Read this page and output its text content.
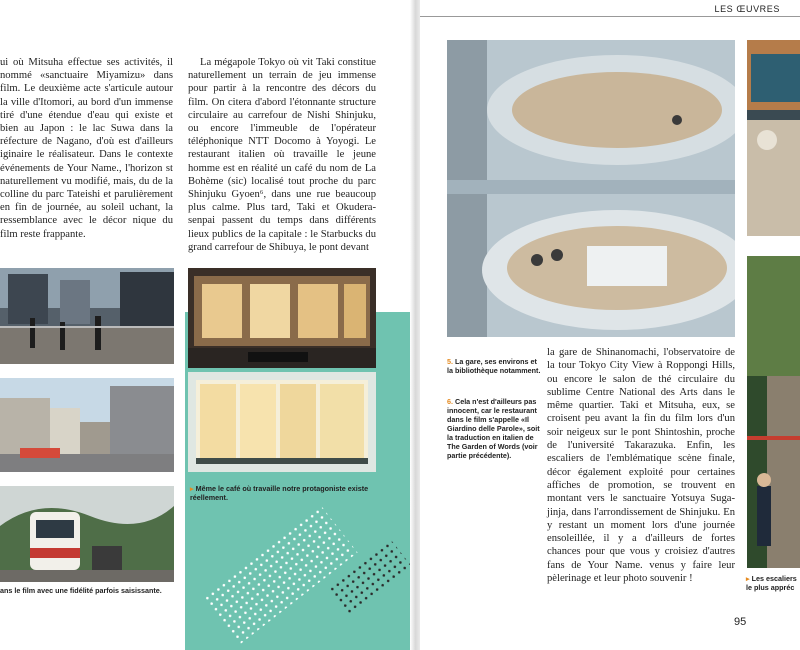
ui où Mitsuha effectue ses activités, il nommé «sanctuaire Miyamizu» dans film. Le deuxième acte s'articule autour la ville d'Itomori, au bord d'un immense tiré d'une étendue d'eau qui existe et bien au Japon : le lac Suwa dans la réfecture de Nagano, d'où est d'ailleurs iginaire le réalisateur. Dans le contexte événements de Your Name., l'horizon st naturellement vu modifié, mais, du de la colline du parc Tateishi et parulièrement en fin de journée, au soleil uchant, la ressemblance avec le décor nique du film reste frappante.

La mégapole Tokyo où vit Taki constitue naturellement un terrain de jeu immense pour partir à la rencontre des décors du film. On citera d'abord l'étonnante structure circulaire au carrefour de Nishi Shinjuku, ou encore l'immeuble de l'opérateur téléphonique NTT Docomo à Yoyogi. Le restaurant italien où travaille le jeune homme est en réalité un café du nom de La Bohème (sic) localisé tout proche du parc Shinjuku Gyoen⁶, dans une rue beaucoup plus calme. Plus tard, Taki et Okudera-senpai passent du temps dans différents lieux publics de la capitale : le Starbucks du grand carrefour de Shibuya, le pont devant

▸ Même le café où travaille notre protagoniste existe réellement.
ans le film avec une fidélité parfois saisissante.
5. La gare, ses environs et la bibliothèque notamment.
6. Cela n'est d'ailleurs pas innocent, car le restaurant dans le film s'appelle «Il Giardino delle Parole», soit la traduction en italien de The Garden of Words (voir partie précédente).

la gare de Shinanomachi, l'observatoire de la tour Tokyo City View à Roppongi Hills, ou encore le salon de thé circulaire du sublime Centre National des Arts dans le même quartier. Taki et Mitsuha, eux, se croisent peu avant la fin du film lors d'un soir neigeux sur le pont Shintoshin, proche de l'université Takarazuka. Enfin, les escaliers de l'emblématique scène finale, décor également exploité pour certaines affiches de promotion, se trouvent en montant vers le sanctuaire Yotsuya Suga-jinja, dans l'arrondissement de Shinjuku. En y restant un moment lors d'une journée ensoleillée, il y a d'ailleurs de fortes chances pour que vous y croisiez d'autres fans de Your Name. venus y faire leur pèlerinage et leur photo souvenir !	▸ Les escaliers
le plus appréc
95
LES ŒUVRES
